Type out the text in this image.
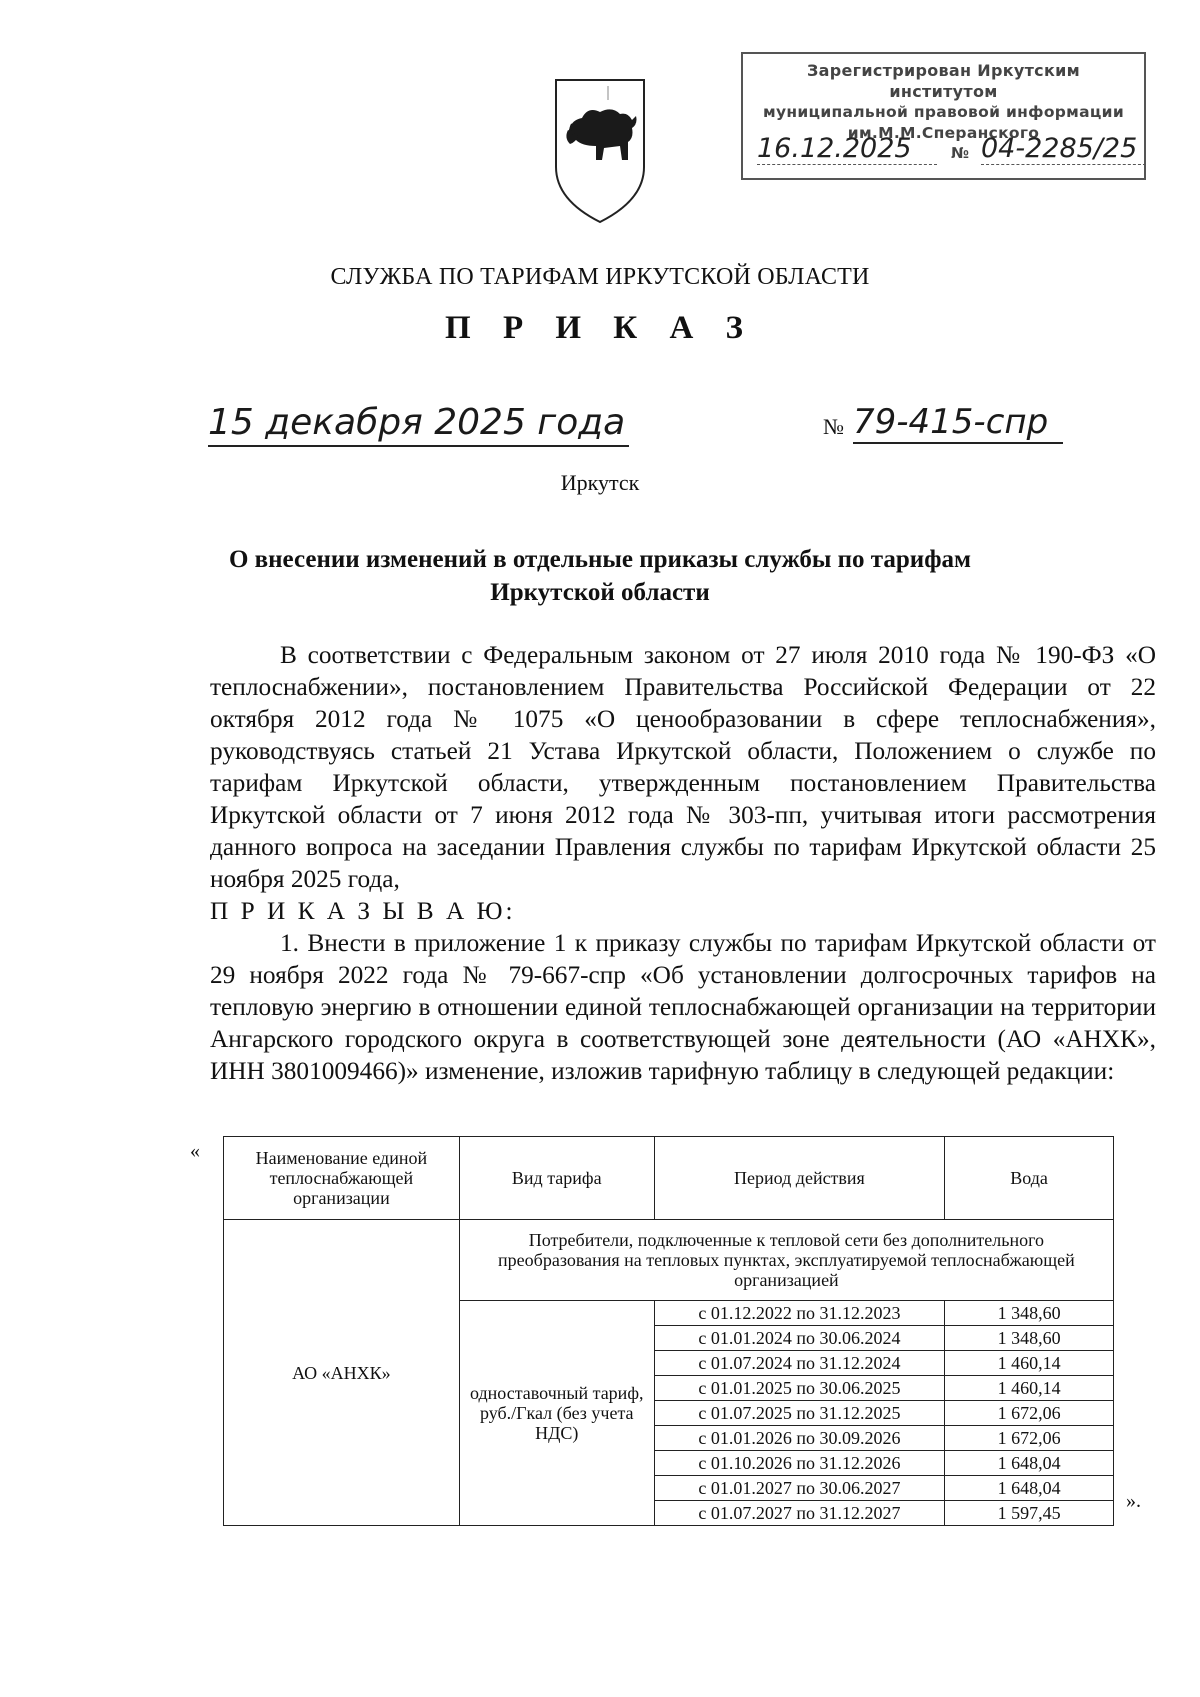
Зарегистрирован Иркутским институтом
муниципальной правовой информации
им.М.М.Сперанского
16.12.2025	№ 04-2285/25
СЛУЖБА ПО ТАРИФАМ ИРКУТСКОЙ ОБЛАСТИ
П Р И К А З
15 декабря 2025 года	№ 79-415-спр
Иркутск
О внесении изменений в отдельные приказы службы по тарифам
Иркутской области

В соответствии с Федеральным законом от 27 июля 2010 года № 190-ФЗ «О теплоснабжении», постановлением Правительства Российской Федерации от 22 октября 2012 года № 1075 «О ценообразовании в сфере теплоснабжения», руководствуясь статьей 21 Устава Иркутской области, Положением о службе по тарифам Иркутской области, утвержденным постановлением Правительства Иркутской области от 7 июня 2012 года № 303-пп, учитывая итоги рассмотрения данного вопроса на заседании Правления службы по тарифам Иркутской области 25 ноября 2025 года,

П Р И К А З Ы В А Ю:

1. Внести в приложение 1 к приказу службы по тарифам Иркутской области от 29 ноября 2022 года № 79-667-спр «Об установлении долгосрочных тарифов на тепловую энергию в отношении единой теплоснабжающей организации на территории Ангарского городского округа в соответствующей зоне деятельности (АО «АНХК», ИНН 3801009466)» изменение, изложив тарифную таблицу в следующей редакции:

«	Наименование единой теплоснабжающей организации	Вид тарифа	Период действия	Вода
АО «АНХК»	Потребители, подключенные к тепловой сети без дополнительного преобразования на тепловых пунктах, эксплуатируемой теплоснабжающей организацией		
	одноставочный тариф, руб./Гкал (без учета НДС)	с 01.12.2022 по 31.12.2023	1 348,60
		с 01.01.2024 по 30.06.2024	1 348,60
		с 01.07.2024 по 31.12.2024	1 460,14
		с 01.01.2025 по 30.06.2025	1 460,14
		с 01.07.2025 по 31.12.2025	1 672,06
		с 01.01.2026 по 30.09.2026	1 672,06
		с 01.10.2026 по 31.12.2026	1 648,04
		с 01.01.2027 по 30.06.2027	1 648,04
		с 01.07.2027 по 31.12.2027	1 597,45
».
